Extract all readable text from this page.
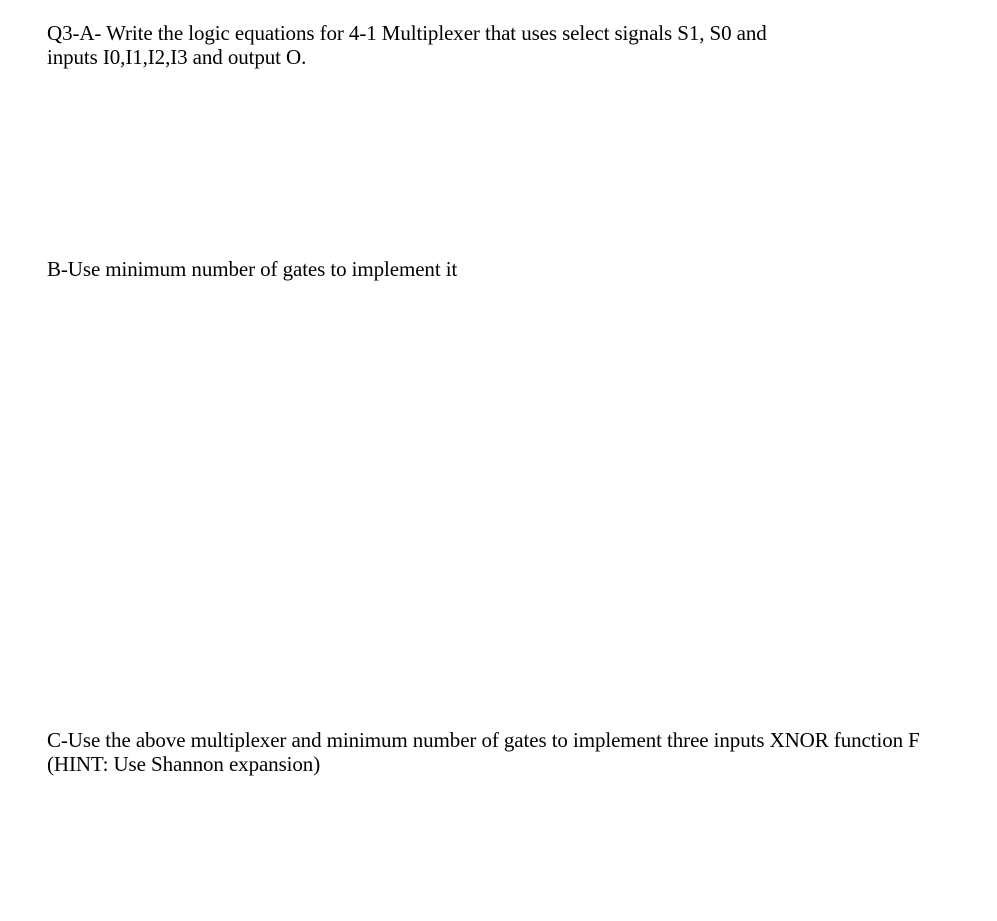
Q3-A- Write the logic equations for 4-1 Multiplexer that uses select signals S1, S0 and
inputs I0,I1,I2,I3 and output O.

B-Use minimum number of gates to implement it

C-Use the above multiplexer and minimum number of gates to implement three inputs XNOR function F
(HINT: Use Shannon expansion)
